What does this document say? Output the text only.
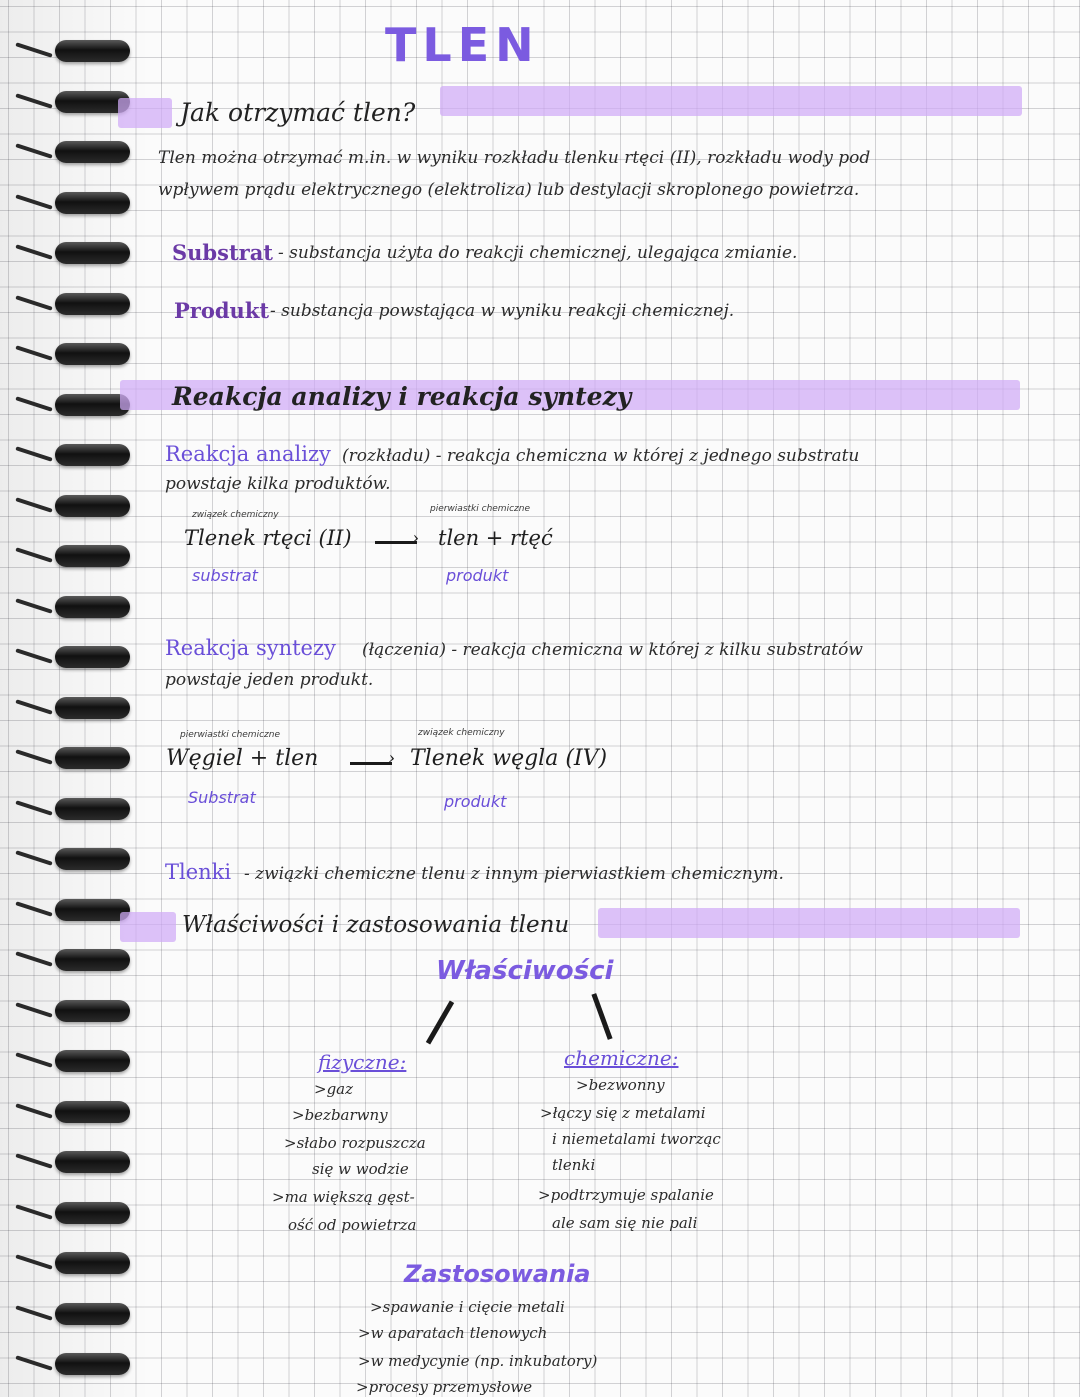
TLEN
Jak otrzymać tlen?
Tlen można otrzymać m.in. w wyniku rozkładu tlenku rtęci (II), rozkładu wody pod
wpływem prądu elektrycznego (elektroliza) lub destylacji skroplonego powietrza.
Substrat - substancja użyta do reakcji chemicznej, ulegająca zmianie.
Produkt - substancja powstająca w wyniku reakcji chemicznej.
Reakcja analizy i reakcja syntezy
Reakcja analizy (rozkładu) - reakcja chemiczna w której z jednego substratu
powstaje kilka produktów.
związek chemiczny
pierwiastki chemiczne
Tlenek rtęci (II)	› tlen + rtęć
substrat	produkt
Reakcja syntezy (łączenia) - reakcja chemiczna w której z kilku substratów
powstaje jeden produkt.
pierwiastki chemiczne	związek chemiczny
Węgiel + tlen	› Tlenek węgla (IV)
Substrat	produkt
Tlenki - związki chemiczne tlenu z innym pierwiastkiem chemicznym.
Właściwości i zastosowania tlenu
Właściwości
fizyczne:
>gaz
>bezbarwny
>słabo rozpuszcza
się w wodzie
>ma większą gęst-
ość od powietrza
chemiczne:
>bezwonny
>łączy się z metalami
i niemetalami tworząc
tlenki
>podtrzymuje spalanie
ale sam się nie pali
Zastosowania
>spawanie i cięcie metali
>w aparatach tlenowych
>w medycynie (np. inkubatory)
>procesy przemysłowe
